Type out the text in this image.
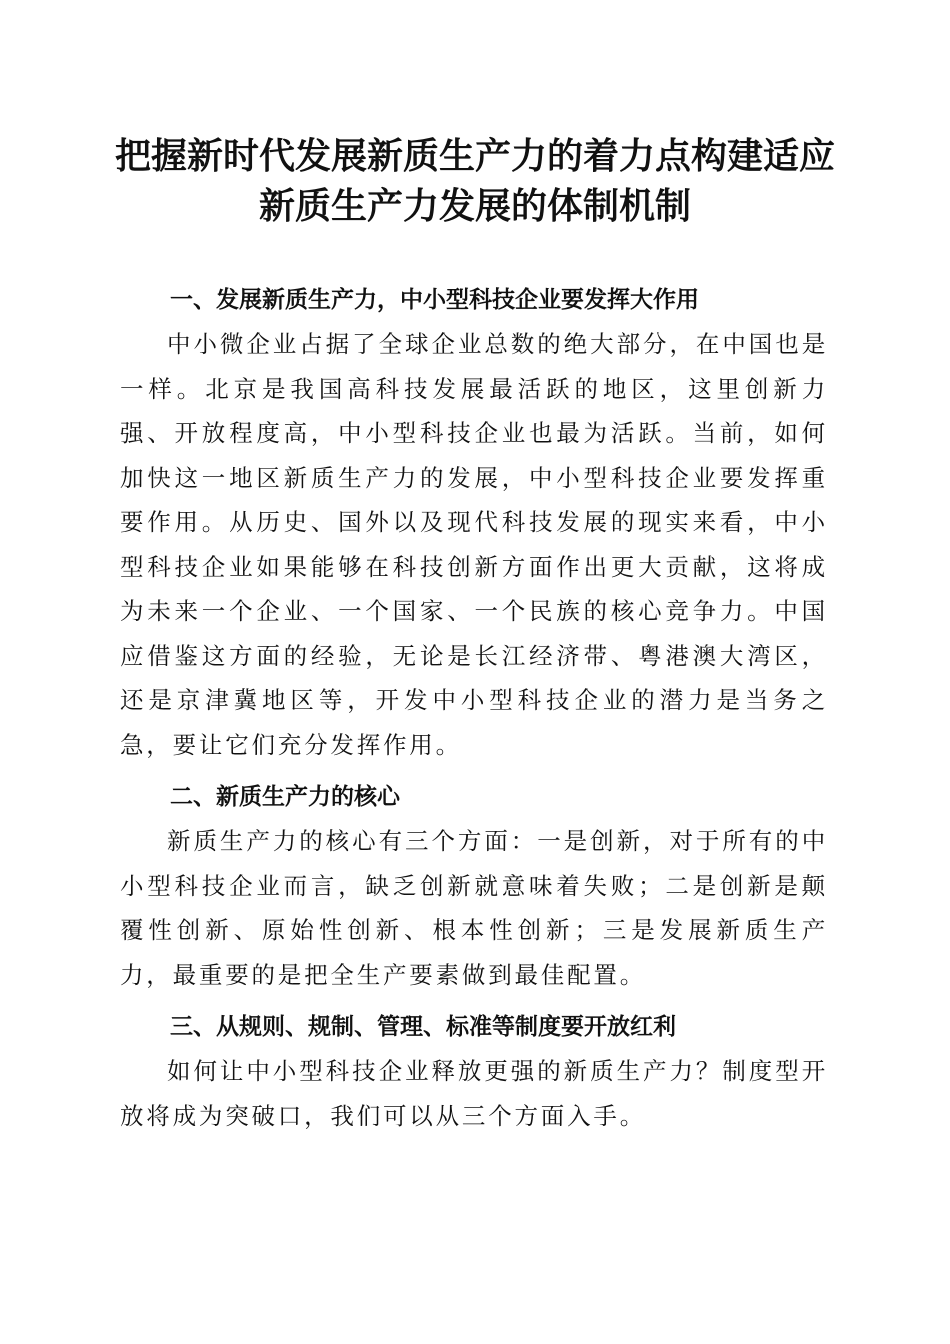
把握新时代发展新质生产力的着力点构建适应
新质生产力发展的体制机制
一、发展新质生产力，中小型科技企业要发挥大作用

中小微企业占据了全球企业总数的绝大部分，在中国也是一样。北京是我国高科技发展最活跃的地区，这里创新力强、开放程度高，中小型科技企业也最为活跃。当前，如何加快这一地区新质生产力的发展，中小型科技企业要发挥重要作用。从历史、国外以及现代科技发展的现实来看，中小型科技企业如果能够在科技创新方面作出更大贡献，这将成为未来一个企业、一个国家、一个民族的核心竞争力。中国应借鉴这方面的经验，无论是长江经济带、粤港澳大湾区，还是京津冀地区等，开发中小型科技企业的潜力是当务之急，要让它们充分发挥作用。

二、新质生产力的核心

新质生产力的核心有三个方面：一是创新，对于所有的中小型科技企业而言，缺乏创新就意味着失败；二是创新是颠覆性创新、原始性创新、根本性创新；三是发展新质生产力，最重要的是把全生产要素做到最佳配置。

三、从规则、规制、管理、标准等制度要开放红利

如何让中小型科技企业释放更强的新质生产力？制度型开放将成为突破口，我们可以从三个方面入手。
